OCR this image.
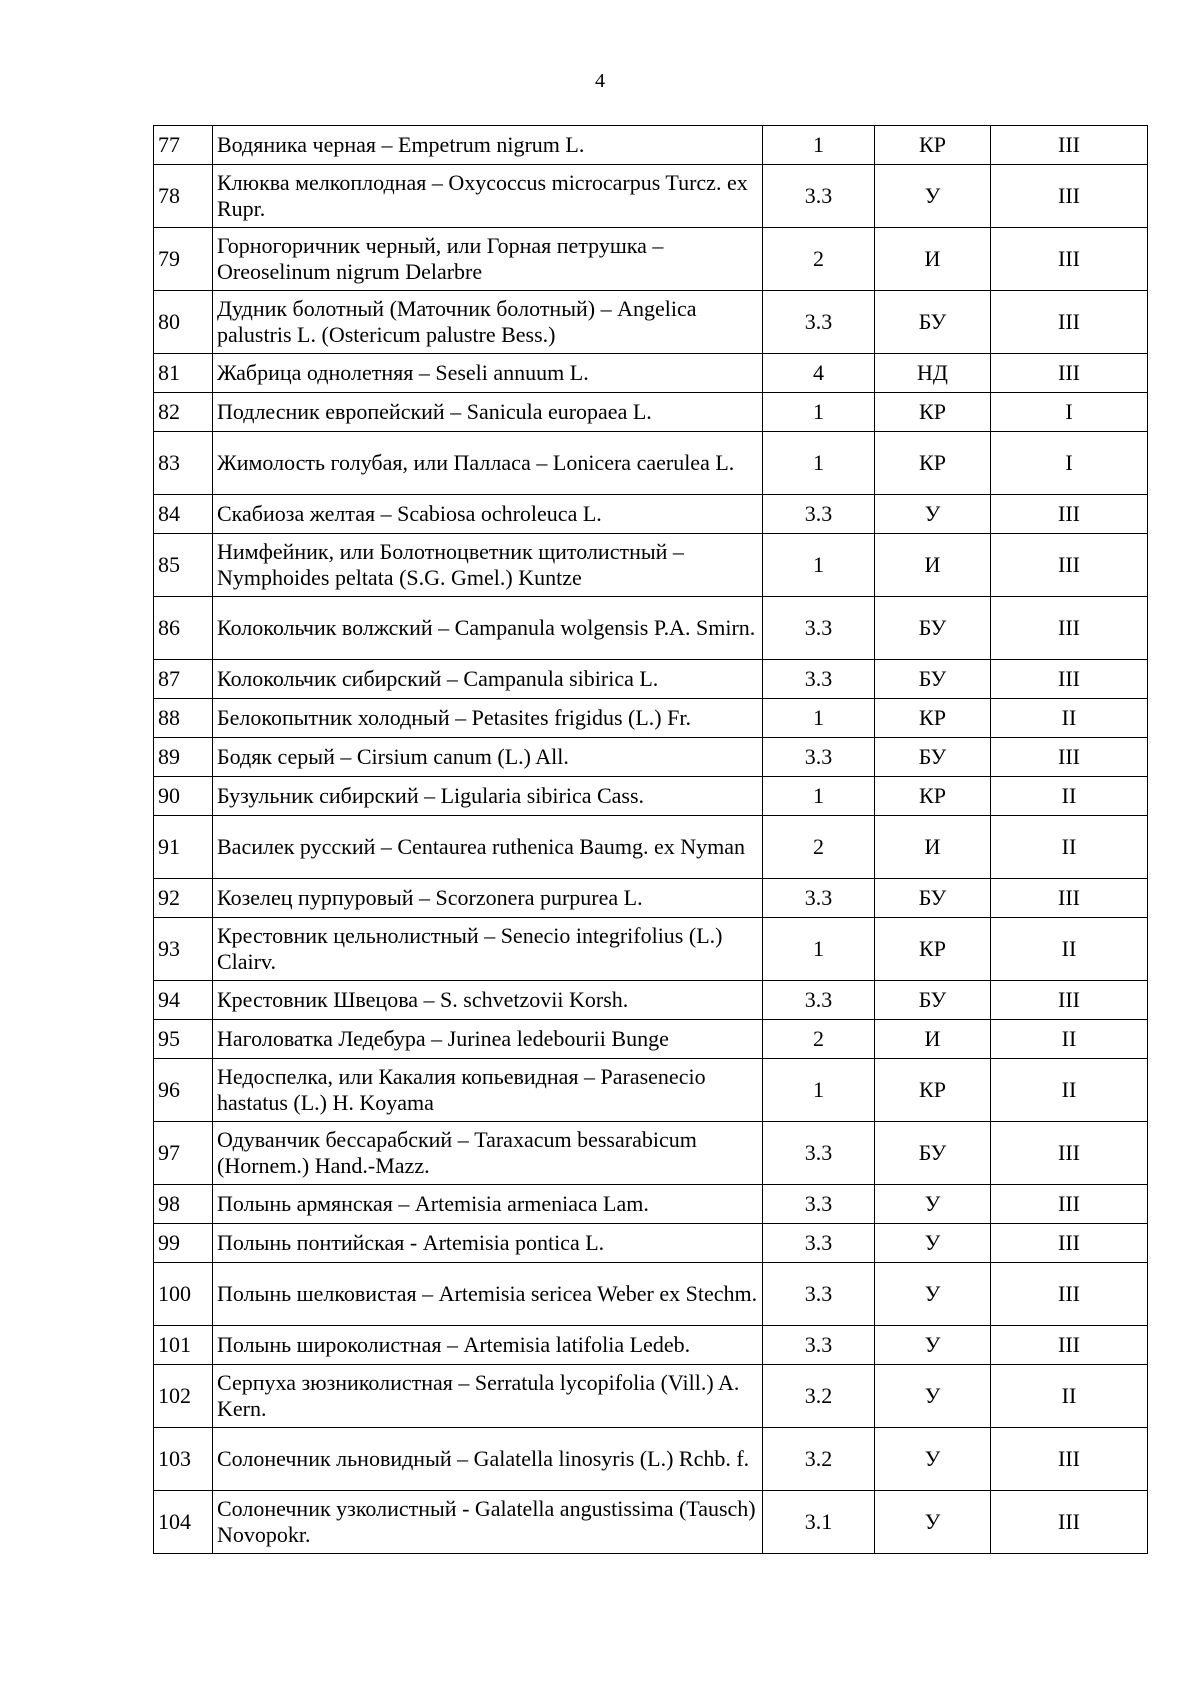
4
77	Водяника черная – Empetrum nigrum L.	1	КР	III
78	Клюква мелкоплодная – Oxycoccus microcarpus Turcz. ex Rupr.	3.3	У	III
79	Горногоричник черный, или Горная петрушка – Oreoselinum nigrum Delarbre	2	И	III
80	Дудник болотный (Маточник болотный) – Angelica palustris L. (Ostericum palustre Bess.)	3.3	БУ	III
81	Жабрица однолетняя – Seseli annuum L.	4	НД	III
82	Подлесник европейский – Sanicula europaea L.	1	КР	I
83	Жимолость голубая, или Палласа – Lonicera caerulea L.	1	КР	I
84	Скабиоза желтая – Scabiosa ochroleuca L.	3.3	У	III
85	Нимфейник, или Болотноцветник щитолистный – Nymphoides peltata (S.G. Gmel.) Kuntze	1	И	III
86	Колокольчик волжский – Campanula wolgensis P.A. Smirn.	3.3	БУ	III
87	Колокольчик сибирский – Campanula sibirica L.	3.3	БУ	III
88	Белокопытник холодный – Petasites frigidus (L.) Fr.	1	КР	II
89	Бодяк серый – Cirsium canum (L.) All.	3.3	БУ	III
90	Бузульник сибирский – Ligularia sibirica Cass.	1	КР	II
91	Василек русский – Centaurea ruthenica Baumg. ex Nyman	2	И	II
92	Козелец пурпуровый – Scorzonera purpurea L.	3.3	БУ	III
93	Крестовник цельнолистный – Senecio integrifolius (L.) Clairv.	1	КР	II
94	Крестовник Швецова – S. schvetzovii Korsh.	3.3	БУ	III
95	Наголоватка Ледебура – Jurinea ledebourii Bunge	2	И	II
96	Недоспелка, или Какалия копьевидная – Parasenecio hastatus (L.) H. Koyama	1	КР	II
97	Одуванчик бессарабский – Taraxacum bessarabicum (Hornem.) Hand.-Mazz.	3.3	БУ	III
98	Полынь армянская – Artemisia armeniaca Lam.	3.3	У	III
99	Полынь понтийская - Artemisia pontica L.	3.3	У	III
100	Полынь шелковистая – Artemisia sericea Weber ex Stechm.	3.3	У	III
101	Полынь широколистная – Artemisia latifolia Ledeb.	3.3	У	III
102	Серпуха зюзниколистная – Serratula lycopifolia (Vill.) A. Kern.	3.2	У	II
103	Солонечник льновидный – Galatella linosyris (L.) Rchb. f.	3.2	У	III
104	Солонечник узколистный - Galatella angustissima (Tausch) Novopokr.	3.1	У	III
